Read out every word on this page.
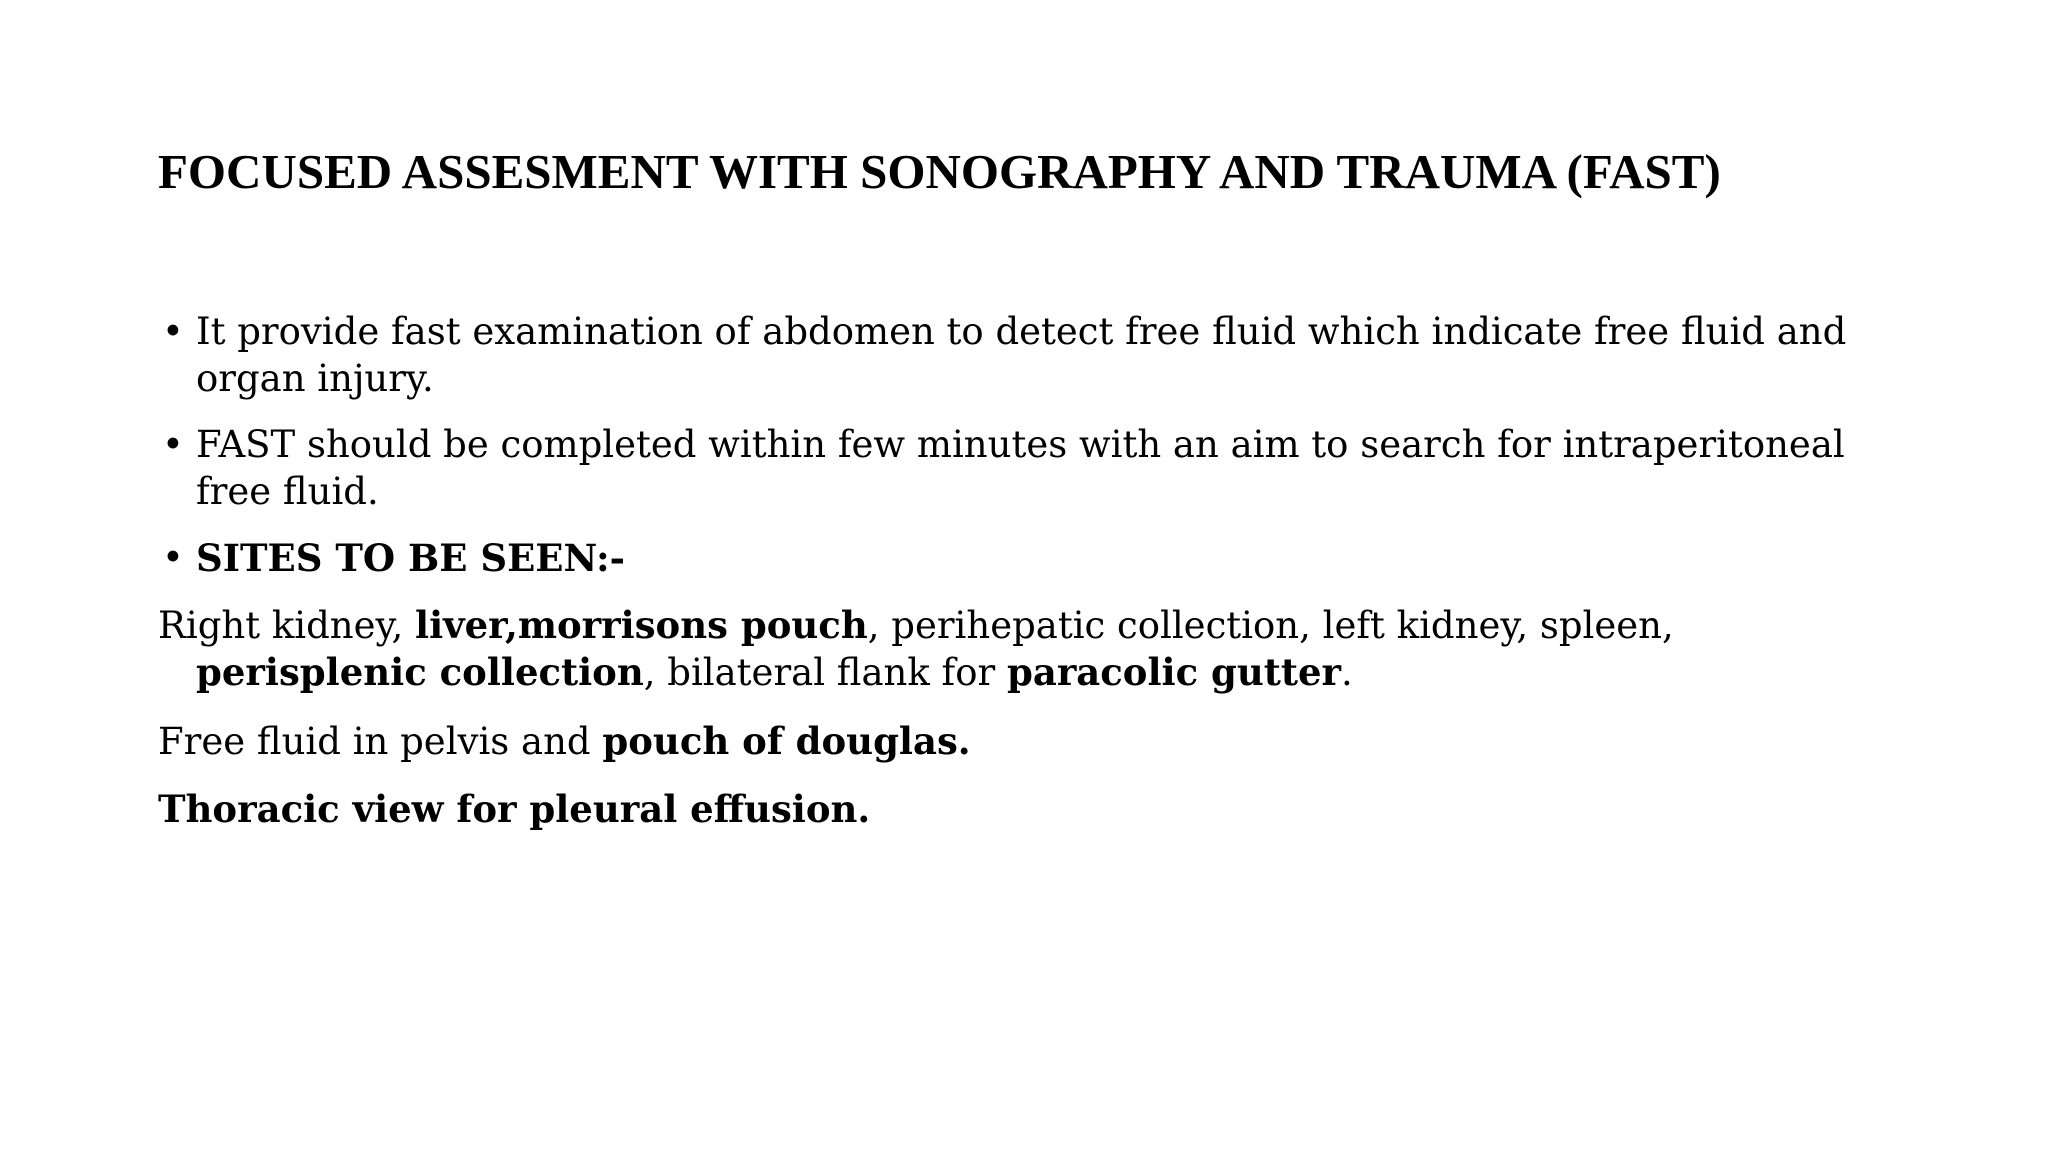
FOCUSED ASSESMENT WITH SONOGRAPHY AND TRAUMA (FAST)

• It provide fast examination of abdomen to detect free fluid which indicate free fluid and organ injury.

• FAST should be completed within few minutes with an aim to search for intraperitoneal free fluid.

• SITES TO BE SEEN:-

Right kidney, liver,morrisons pouch, perihepatic collection, left kidney, spleen, perisplenic collection, bilateral flank for paracolic gutter.

Free fluid in pelvis and pouch of douglas.

Thoracic view for pleural effusion.
